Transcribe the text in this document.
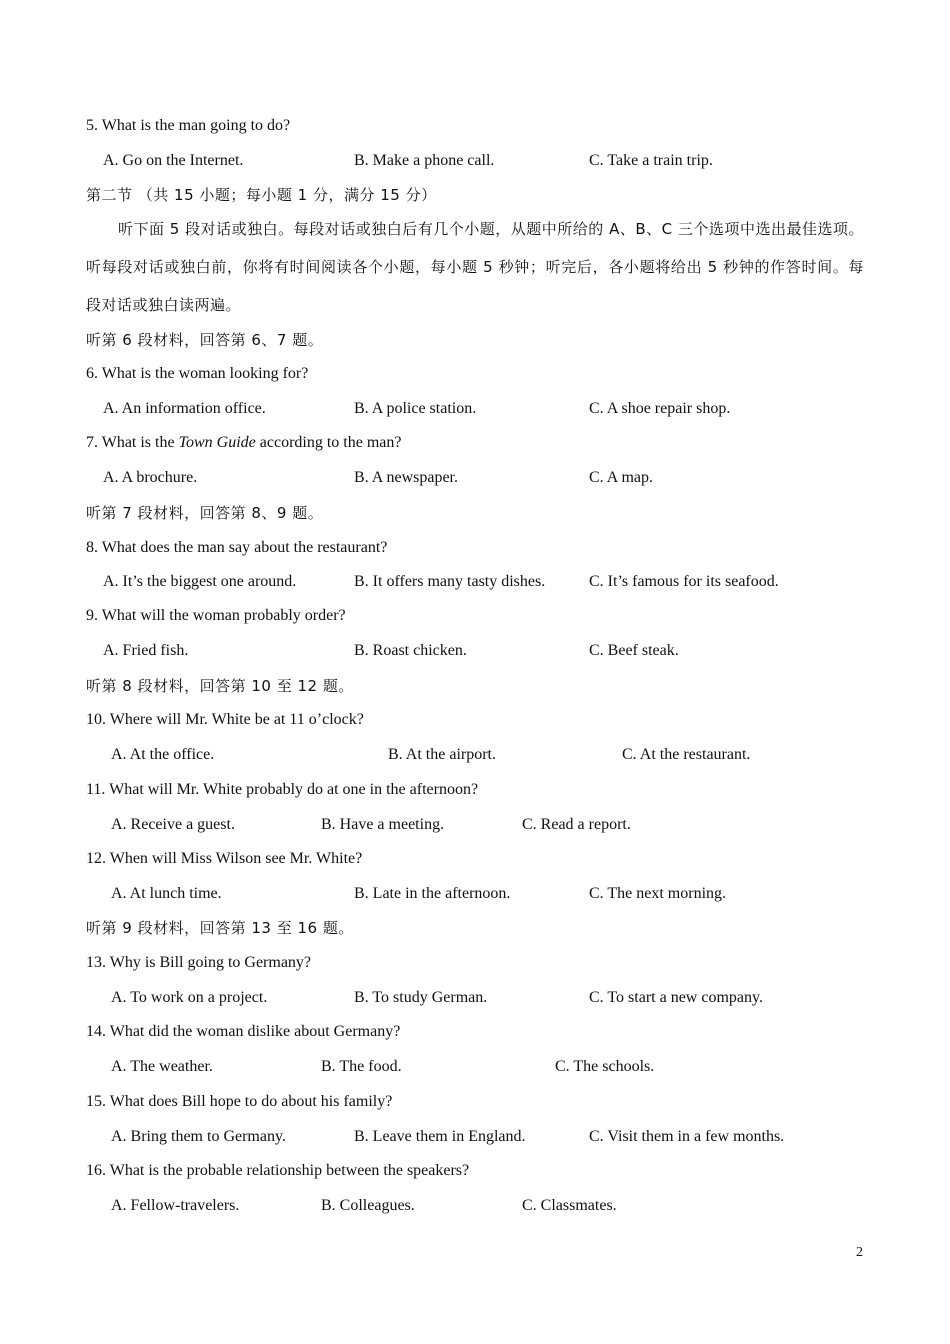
5. What is the man going to do?
A. Go on the Internet.	B. Make a phone call.	C. Take a train trip.
第二节 （共 15 小题；每小题 1 分，满分 15 分）
听下面 5 段对话或独白。每段对话或独白后有几个小题，从题中所给的 A、B、C 三个选项中选出最佳选项。听每段对话或独白前，你将有时间阅读各个小题，每小题 5 秒钟；听完后，各小题将给出 5 秒钟的作答时间。每段对话或独白读两遍。
听第 6 段材料，回答第 6、7 题。
6. What is the woman looking for?
A. An information office.	B. A police station.	C. A shoe repair shop.
7. What is the Town Guide according to the man?
A. A brochure.	B. A newspaper.	C. A map.
听第 7 段材料，回答第 8、9 题。
8. What does the man say about the restaurant?
A. It’s the biggest one around.	B. It offers many tasty dishes.	C. It’s famous for its seafood.
9. What will the woman probably order?
A. Fried fish.	B. Roast chicken.	C. Beef steak.
听第 8 段材料，回答第 10 至 12 题。
10. Where will Mr. White be at 11 o’clock?
A. At the office.	B. At the airport.	C. At the restaurant.
11. What will Mr. White probably do at one in the afternoon?
A. Receive a guest.	B. Have a meeting.	C. Read a report.
12. When will Miss Wilson see Mr. White?
A. At lunch time.	B. Late in the afternoon.	C. The next morning.
听第 9 段材料，回答第 13 至 16 题。
13. Why is Bill going to Germany?
A. To work on a project.	B. To study German.	C. To start a new company.
14. What did the woman dislike about Germany?
A. The weather.	B. The food.	C. The schools.
15. What does Bill hope to do about his family?
A. Bring them to Germany.	B. Leave them in England.	C. Visit them in a few months.
16. What is the probable relationship between the speakers?
A. Fellow-travelers.	B. Colleagues.	C. Classmates.
2
